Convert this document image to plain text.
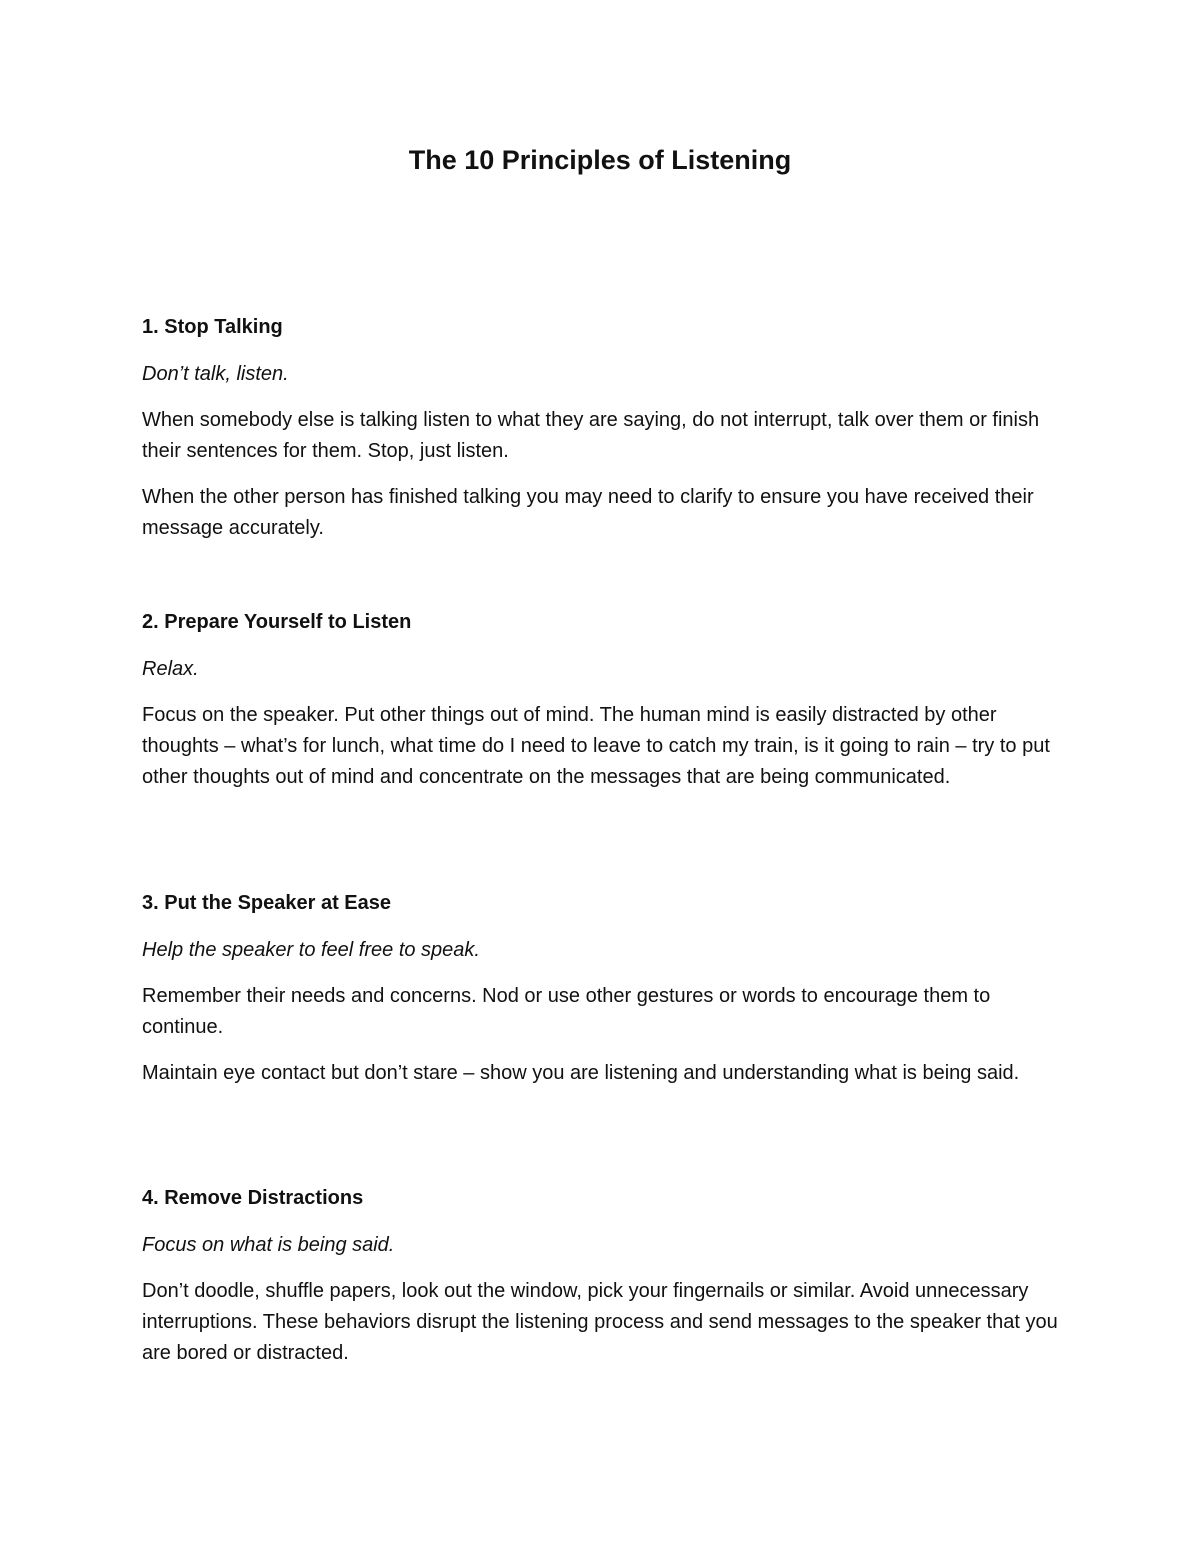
The 10 Principles of Listening

1. Stop Talking

Don’t talk, listen.

When somebody else is talking listen to what they are saying, do not interrupt, talk over them or finish their sentences for them. Stop, just listen.

When the other person has finished talking you may need to clarify to ensure you have received their message accurately.

2. Prepare Yourself to Listen

Relax.

Focus on the speaker. Put other things out of mind. The human mind is easily distracted by other thoughts – what’s for lunch, what time do I need to leave to catch my train, is it going to rain – try to put other thoughts out of mind and concentrate on the messages that are being communicated.

3. Put the Speaker at Ease

Help the speaker to feel free to speak.

Remember their needs and concerns. Nod or use other gestures or words to encourage them to continue.

Maintain eye contact but don’t stare – show you are listening and understanding what is being said.

4. Remove Distractions

Focus on what is being said.

Don’t doodle, shuffle papers, look out the window, pick your fingernails or similar. Avoid unnecessary interruptions. These behaviors disrupt the listening process and send messages to the speaker that you are bored or distracted.
